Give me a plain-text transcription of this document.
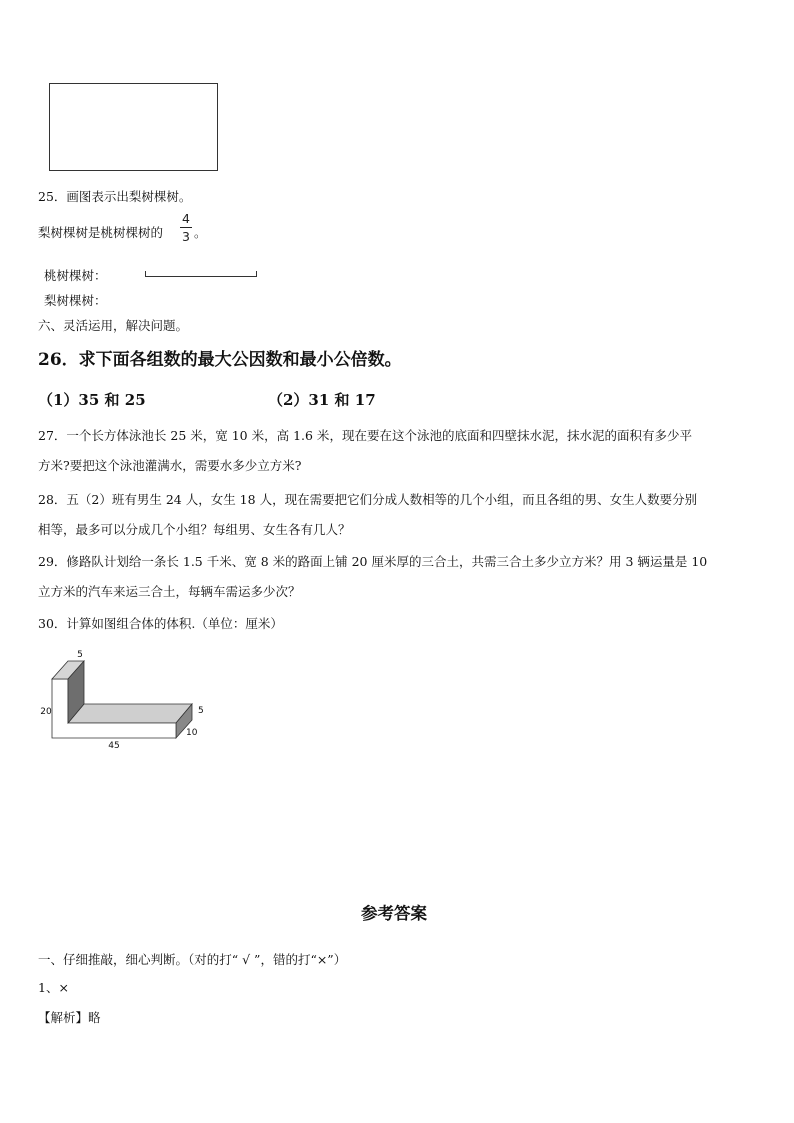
25．画图表示出梨树棵树。
梨树棵树是桃树棵树的
4
3 。
桃树棵树：
梨树棵树：
六、灵活运用，解决问题。
26．求下面各组数的最大公因数和最小公倍数。
（1）35 和 25	（2）31 和 17
27．一个长方体泳池长 25 米，宽 10 米，高 1.6 米，现在要在这个泳池的底面和四壁抹水泥，抹水泥的面积有多少平
方米?要把这个泳池灌满水，需要水多少立方米?
28．五（2）班有男生 24 人，女生 18 人，现在需要把它们分成人数相等的几个小组，而且各组的男、女生人数要分别
相等，最多可以分成几个小组？每组男、女生各有几人？
29．修路队计划给一条长 1.5 千米、宽 8 米的路面上铺 20 厘米厚的三合土，共需三合土多少立方米？用 3 辆运量是 10
立方米的汽车来运三合土，每辆车需运多少次？
30．计算如图组合体的体积.（单位：厘米）
5
20	5
10
45
参考答案
一、仔细推敲，细心判断。（对的打“ √ ”，错的打“×”）
1、×
【解析】略
